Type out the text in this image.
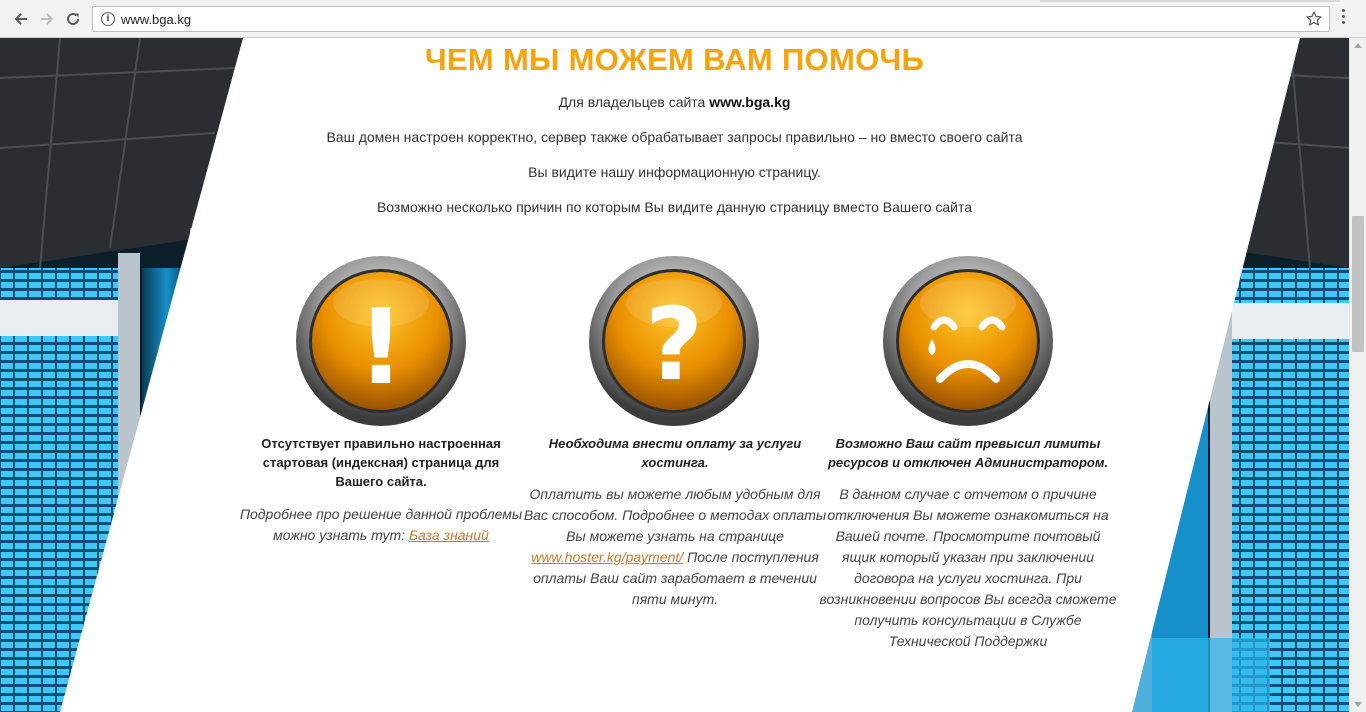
i www.bga.kg
ЧЕМ МЫ МОЖЕМ ВАМ ПОМОЧЬ
Для владельцев сайта www.bga.kg
Ваш домен настроен корректно, сервер также обрабатывает запросы правильно – но вместо своего сайта
Вы видите нашу информационную страницу.
Возможно несколько причин по которым Вы видите данную страницу вместо Вашего сайта
!
Отсутствует правильно настроенная стартовая (индексная) страница для Вашего сайта.
Подробнее про решение данной проблемы можно узнать тут: База знаний
?
Необходима внести оплату за услуги хостинга.
Оплатить вы можете любым удобным для Вас способом. Подробнее о методах оплаты Вы можете узнать на странице www.hoster.kg/payment/ После поступления оплаты Ваш сайт заработает в течении пяти минут.
Возможно Ваш сайт превысил лимиты ресурсов и отключен Администратором.
В данном случае с отчетом о причине отключения Вы можете ознакомиться на Вашей почте. Просмотрите почтовый ящик который указан при заключении договора на услуги хостинга. При возникновении вопросов Вы всегда сможете получить консультации в Службе Технической Поддержки
